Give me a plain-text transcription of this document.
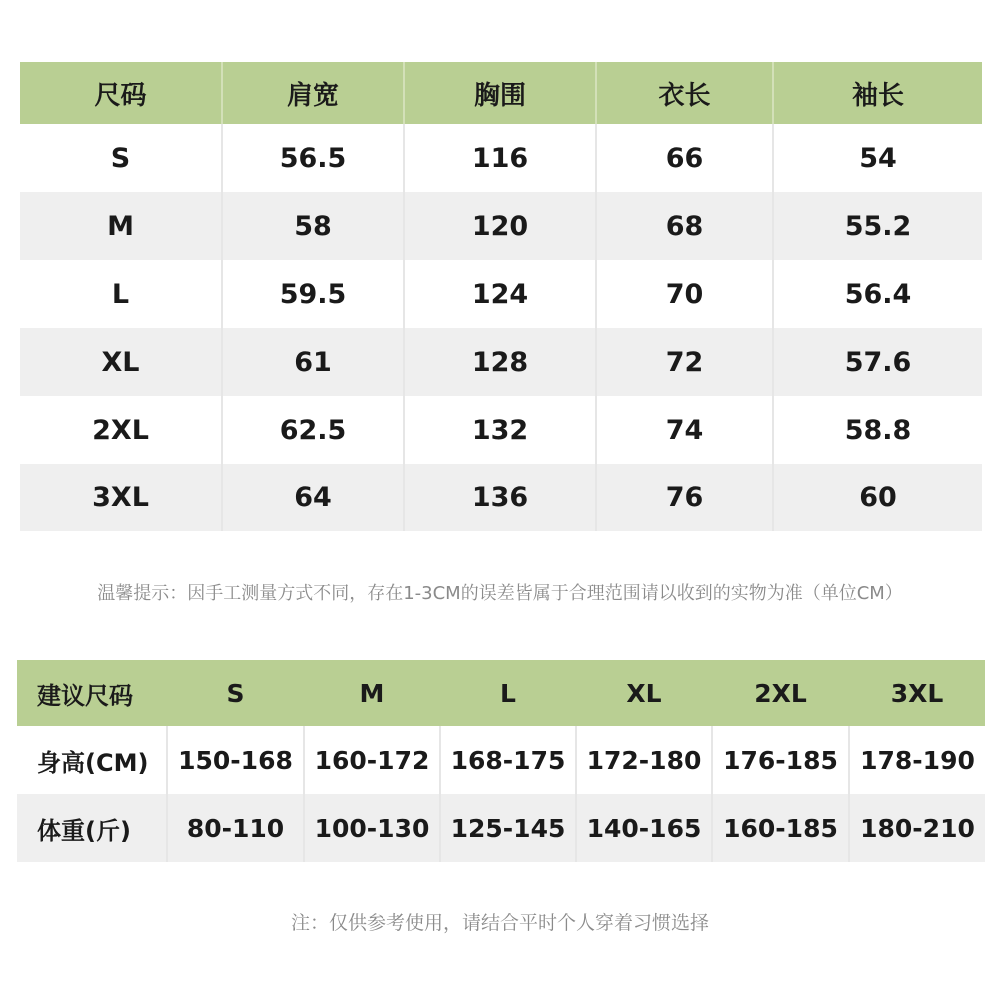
尺码	肩宽	胸围	衣长	袖长
S	56.5	116	66	54
M	58	120	68	55.2
L	59.5	124	70	56.4
XL	61	128	72	57.6
2XL	62.5	132	74	58.8
3XL	64	136	76	60
温馨提示：因手工测量方式不同，存在1-3CM的误差皆属于合理范围请以收到的实物为准（单位CM）
建议尺码	S	M	L	XL	2XL	3XL
身高(CM)	150-168	160-172	168-175	172-180	176-185	178-190
体重(斤)	80-110	100-130	125-145	140-165	160-185	180-210
注：仅供参考使用，请结合平时个人穿着习惯选择
